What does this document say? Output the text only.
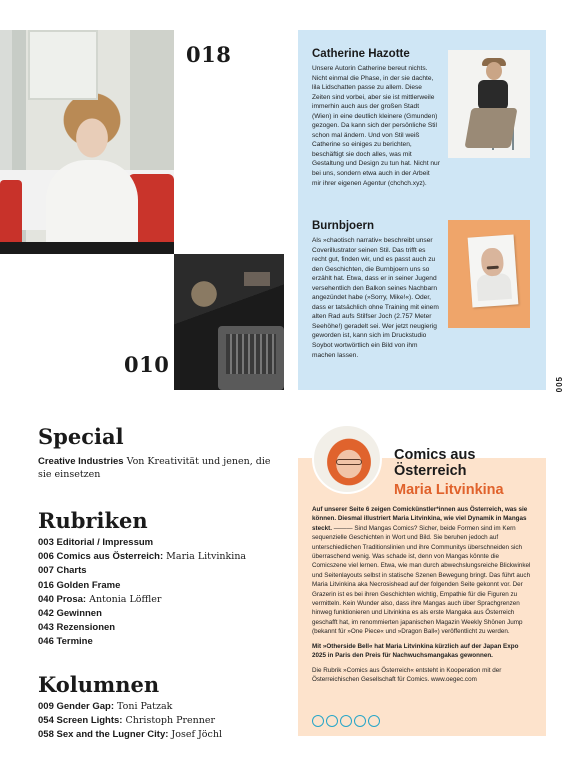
018
010
Catherine Hazotte

Unsere Autorin Catherine bereut nichts. Nicht einmal die Phase, in der sie dachte, lila Lidschatten passe zu allem. Diese Zeiten sind vorbei, aber sie ist mittlerweile immerhin auch aus der großen Stadt (Wien) in eine deutlich kleinere (Gmunden) gezogen. Da kann sich der persönliche Stil schon mal ändern. Und von Stil weiß Catherine so einiges zu berichten, beschäftigt sie doch alles, was mit Gestaltung und Design zu tun hat. Nicht nur bei uns, sondern etwa auch in der Arbeit mir ihrer eigenen Agentur (chchch.xyz).

Burnbjoern

Als »chaotisch narrativ« beschreibt unser Coverillustrator seinen Stil. Das trifft es recht gut, finden wir, und es passt auch zu den Geschichten, die Burnbjoern uns so erzählt hat. Etwa, dass er in seiner Jugend versehentlich den Balkon seines Nachbarn angezündet habe (»Sorry, Mike!«). Oder, dass er tatsächlich ohne Training mit einem alten Rad aufs Stilfser Joch (2.757 Meter Seehöhe!) geradelt sei. Wer jetzt neugierig geworden ist, kann sich im Druckstudio Soybot wortwörtlich ein Bild von ihm machen lassen.

005
Special
Creative Industries Von Kreativität und jenen, die sie einsetzen
Rubriken
003 Editorial / Impressum
006 Comics aus Österreich: Maria Litvinkina
007 Charts
016 Golden Frame
040 Prosa: Antonia Löffler
042 Gewinnen
043 Rezensionen
046 Termine
Kolumnen
009 Gender Gap: Toni Patzak
054 Screen Lights: Christoph Prenner
058 Sex and the Lugner City: Josef Jöchl
Comics aus
Österreich
Maria Litvinkina

Auf unserer Seite 6 zeigen Comickünstler*innen aus Österreich, was sie können. Diesmal illustriert Maria Litvinkina, wie viel Dynamik in Mangas steckt. ——— Sind Mangas Comics? Sicher, beide Formen sind im Kern sequenzielle Geschichten in Wort und Bild. Sie beruhen jedoch auf unterschiedlichen Traditionslinien und ihre Communitys überschneiden sich überraschend wenig. Was schade ist, denn von Mangas könnte die Comicszene viel lernen. Etwa, wie man durch abwechslungsreiche Blickwinkel und Seitenlayouts selbst in statische Szenen Bewegung bringt. Das führt auch Maria Litvinkina aka Necrosishead auf der folgenden Seite gekonnt vor. Der Grazerin ist es bei ihren Geschichten wichtig, Empathie für die Figuren zu vermitteln. Kein Wunder also, dass ihre Mangas auch über Sprachgrenzen hinweg funktionieren und Litvinkina es als erste Mangaka aus Österreich geschafft hat, im renommierten japanischen Magazin Weekly Shōnen Jump (bekannt für »One Piece« und »Dragon Ball«) veröffentlicht zu werden.

Mit »Otherside Bell« hat Maria Litvinkina kürzlich auf der Japan Expo 2025 in Paris den Preis für Nachwuchsmangakas gewonnen.

Die Rubrik »Comics aus Österreich« entsteht in Kooperation mit der Österreichischen Gesellschaft für Comics. www.oegec.com
